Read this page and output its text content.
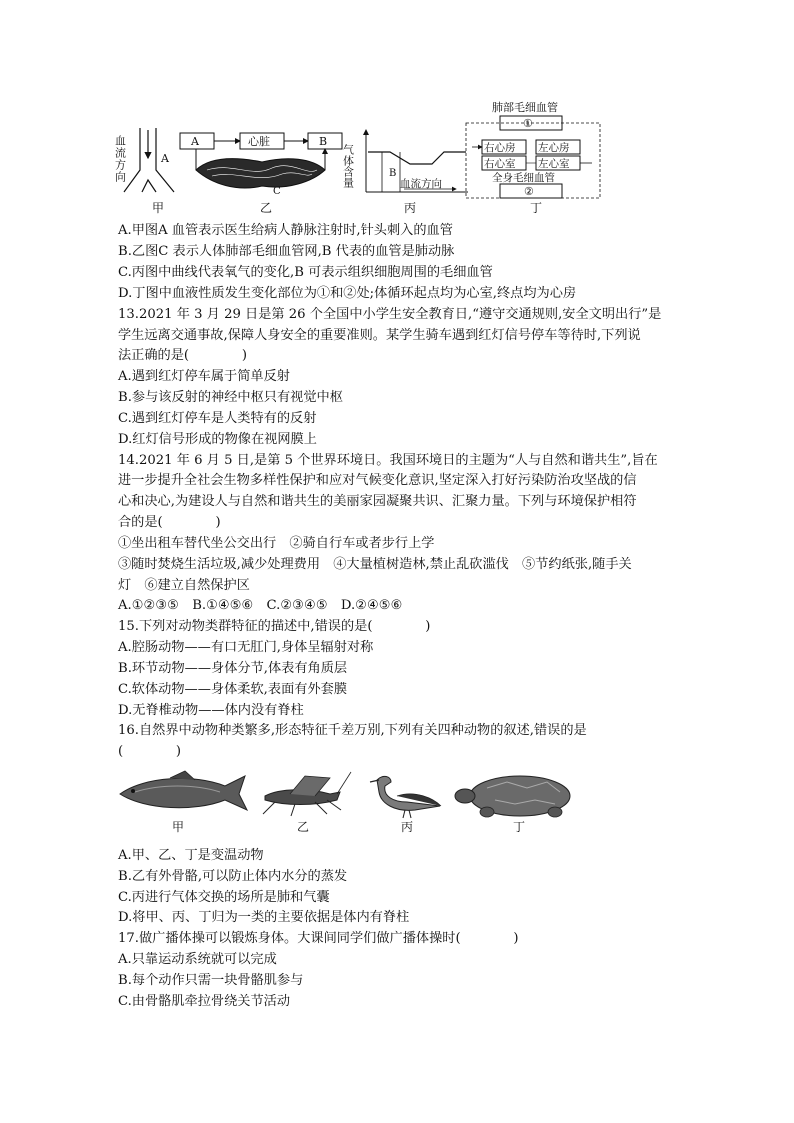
血流方向	A
A	心脏	B
C
气体含量	B
血流方向
肺部毛细血管
①
右心房 左心房
右心室 左心室
全身毛细血管
②
甲	乙	丙	丁
A.甲图A 血管表示医生给病人静脉注射时,针头刺入的血管
B.乙图C 表示人体肺部毛细血管网,B 代表的血管是肺动脉
C.丙图中曲线代表氧气的变化,B 可表示组织细胞周围的毛细血管
D.丁图中血液性质发生变化部位为①和②处;体循环起点均为心室,终点均为心房
13.2021 年 3 月 29 日是第 26 个全国中小学生安全教育日,“遵守交通规则,安全文明出行”是
学生远离交通事故,保障人身安全的重要准则。某学生骑车遇到红灯信号停车等待时,下列说
法正确的是(　　　　)
A.遇到红灯停车属于简单反射
B.参与该反射的神经中枢只有视觉中枢
C.遇到红灯停车是人类特有的反射
D.红灯信号形成的物像在视网膜上
14.2021 年 6 月 5 日,是第 5 个世界环境日。我国环境日的主题为“人与自然和谐共生”,旨在
进一步提升全社会生物多样性保护和应对气候变化意识,坚定深入打好污染防治攻坚战的信
心和决心,为建设人与自然和谐共生的美丽家园凝聚共识、汇聚力量。下列与环境保护相符
合的是(　　　　)
①坐出租车替代坐公交出行　②骑自行车或者步行上学
③随时焚烧生活垃圾,减少处理费用　④大量植树造林,禁止乱砍滥伐　⑤节约纸张,随手关
灯　⑥建立自然保护区
A.①②③⑤　B.①④⑤⑥　C.②③④⑤　D.②④⑤⑥
15.下列对动物类群特征的描述中,错误的是(　　　　)
A.腔肠动物——有口无肛门,身体呈辐射对称
B.环节动物——身体分节,体表有角质层
C.软体动物——身体柔软,表面有外套膜
D.无脊椎动物——体内没有脊柱
16.自然界中动物种类繁多,形态特征千差万别,下列有关四种动物的叙述,错误的是
(　　　　)
甲	乙	丙	丁
A.甲、乙、丁是变温动物
B.乙有外骨骼,可以防止体内水分的蒸发
C.丙进行气体交换的场所是肺和气囊
D.将甲、丙、丁归为一类的主要依据是体内有脊柱
17.做广播体操可以锻炼身体。大课间同学们做广播体操时(　　　　)
A.只靠运动系统就可以完成
B.每个动作只需一块骨骼肌参与
C.由骨骼肌牵拉骨绕关节活动
